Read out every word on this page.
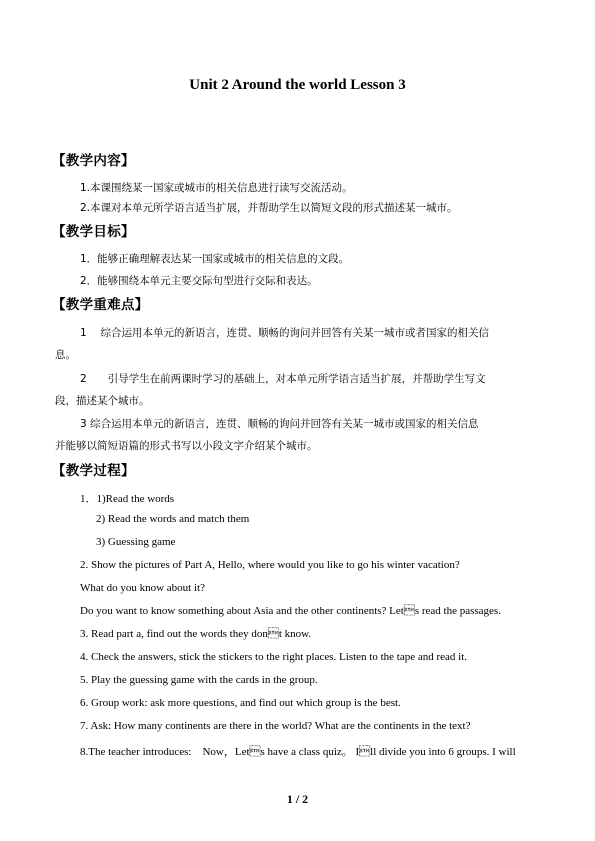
Unit 2 Around the world Lesson 3
【教学内容】
1.本课围绕某一国家或城市的相关信息进行读写交流活动。
2.本课对本单元所学语言适当扩展，并帮助学生以简短文段的形式描述某一城市。
【教学目标】
1．能够正确理解表达某一国家或城市的相关信息的文段。
2．能够围绕本单元主要交际句型进行交际和表达。
【教学重难点】
1　 综合运用本单元的新语言，连贯、顺畅的询问并回答有关某一城市或者国家的相关信
息。
2　　引导学生在前两课时学习的基础上，对本单元所学语言适当扩展，并帮助学生写文
段，描述某个城市。
3 综合运用本单元的新语言，连贯、顺畅的询问并回答有关某一城市或国家的相关信息
并能够以简短语篇的形式书写以小段文字介绍某个城市。
【教学过程】
1．1)Read the words
2) Read the words and match them
3) Guessing game
2. Show the pictures of Part A, Hello, where would you like to go his winter vacation?
What do you know about it?
Do you want to know something about Asia and the other continents? Lets read the passages.
3. Read part a, find out the words they dont know.
4. Check the answers, stick the stickers to the right places. Listen to the tape and read it.
5. Play the guessing game with the cards in the group.
6. Group work: ask more questions, and find out which group is the best.
7. Ask: How many continents are there in the world? What are the continents in the text?
8.The teacher introduces:　Now，Lets have a class quiz。 Ill divide you into 6 groups. I will
1 / 2
